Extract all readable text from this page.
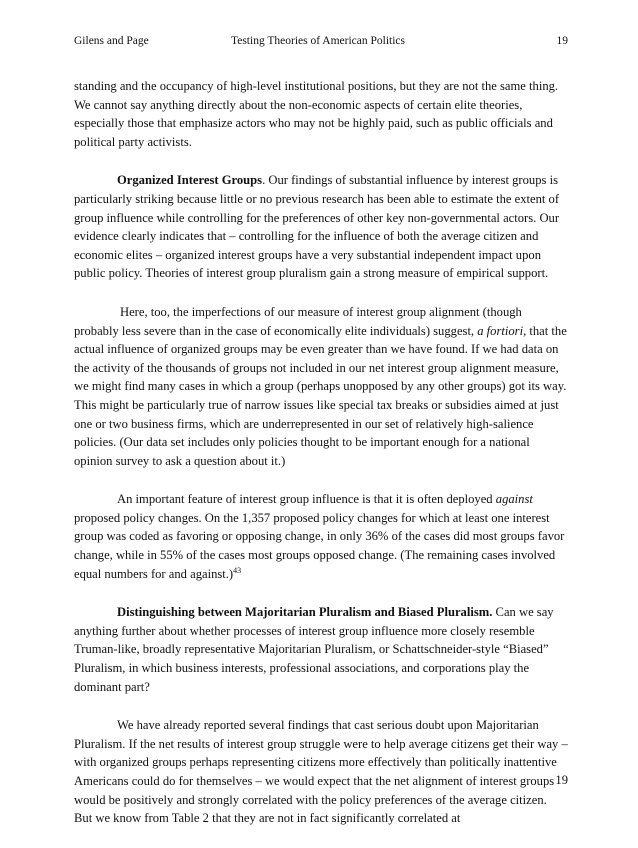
Gilens and Page	Testing Theories of American Politics	19

standing and the occupancy of high-level institutional positions, but they are not the same thing. We cannot say anything directly about the non-economic aspects of certain elite theories, especially those that emphasize actors who may not be highly paid, such as public officials and political party activists.

Organized Interest Groups. Our findings of substantial influence by interest groups is particularly striking because little or no previous research has been able to estimate the extent of group influence while controlling for the preferences of other key non-governmental actors. Our evidence clearly indicates that – controlling for the influence of both the average citizen and economic elites – organized interest groups have a very substantial independent impact upon public policy. Theories of interest group pluralism gain a strong measure of empirical support.

Here, too, the imperfections of our measure of interest group alignment (though probably less severe than in the case of economically elite individuals) suggest, a fortiori, that the actual influence of organized groups may be even greater than we have found. If we had data on the activity of the thousands of groups not included in our net interest group alignment measure, we might find many cases in which a group (perhaps unopposed by any other groups) got its way. This might be particularly true of narrow issues like special tax breaks or subsidies aimed at just one or two business firms, which are underrepresented in our set of relatively high-salience policies. (Our data set includes only policies thought to be important enough for a national opinion survey to ask a question about it.)

An important feature of interest group influence is that it is often deployed against proposed policy changes. On the 1,357 proposed policy changes for which at least one interest group was coded as favoring or opposing change, in only 36% of the cases did most groups favor change, while in 55% of the cases most groups opposed change. (The remaining cases involved equal numbers for and against.)$^{43}$

Distinguishing between Majoritarian Pluralism and Biased Pluralism. Can we say anything further about whether processes of interest group influence more closely resemble Truman-like, broadly representative Majoritarian Pluralism, or Schattschneider-style “Biased” Pluralism, in which business interests, professional associations, and corporations play the dominant part?

We have already reported several findings that cast serious doubt upon Majoritarian Pluralism. If the net results of interest group struggle were to help average citizens get their way – with organized groups perhaps representing citizens more effectively than politically inattentive Americans could do for themselves – we would expect that the net alignment of interest groups would be positively and strongly correlated with the policy preferences of the average citizen. But we know from Table 2 that they are not in fact significantly correlated at

19
